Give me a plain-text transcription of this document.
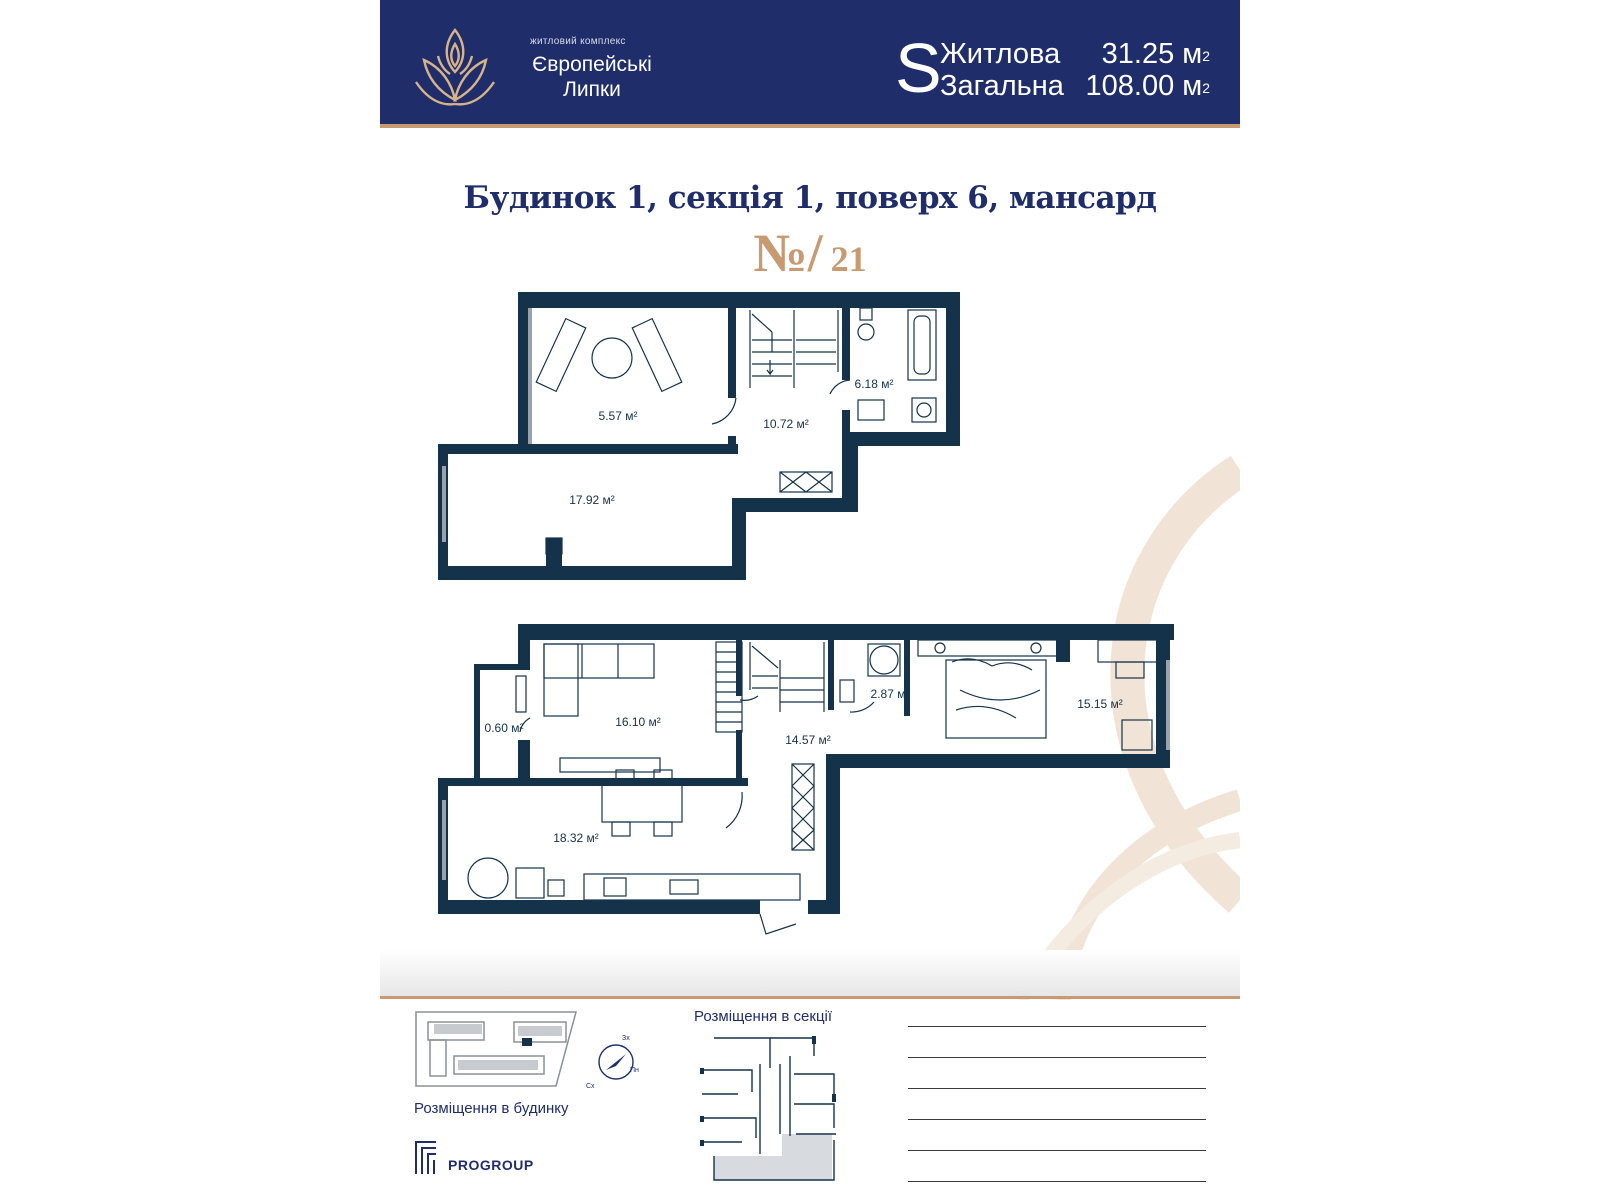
житловий комплекс
Європейські
Липки	S
Житлова 31.25 $м^2$
Загальна 108.00 $м^2$
Будинок 1, секція 1, поверх 6, мансард
№/ 21
5.57 м²
6.18 м²
10.72 м²
17.92 м²
0.60 м²	16.10 м²
2.87 м²
14.57 м²
15.15 м²
18.32 м²
Зх
Пн
Сх
Розміщення в будинку
PROGROUP
Розміщення в секції
